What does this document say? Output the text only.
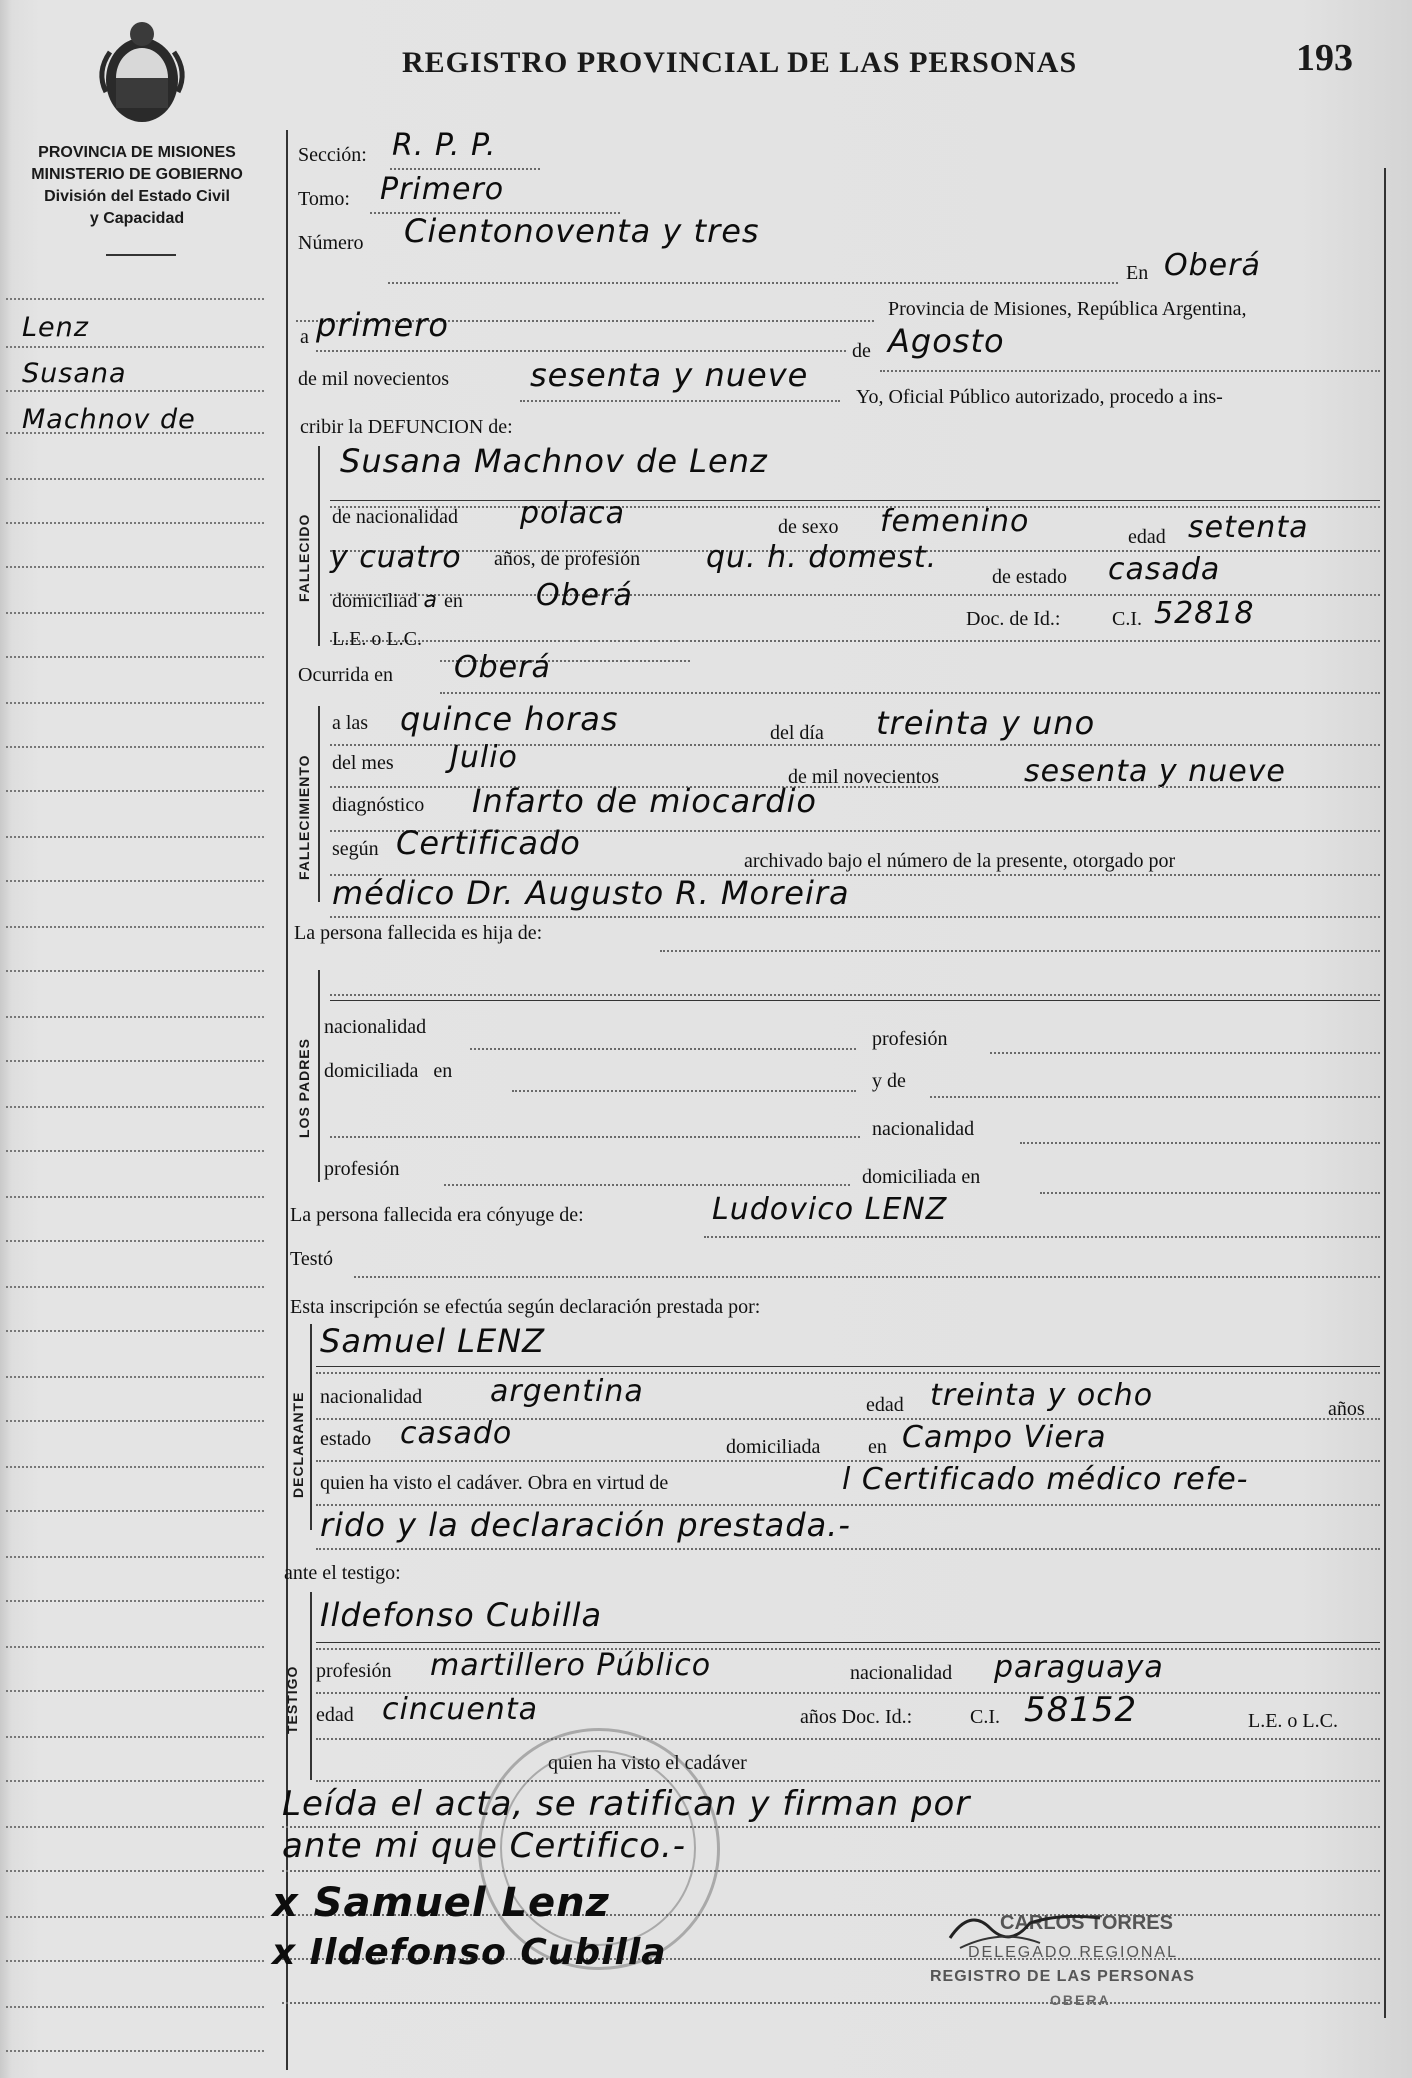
REGISTRO PROVINCIAL DE LAS PERSONAS	193
PROVINCIA DE MISIONES
MINISTERIO DE GOBIERNO
División del Estado Civil
y Capacidad
Lenz
Susana
Machnov de
Sección: R. P. P.
Tomo: Primero
Número Cientonoventa y tres
En Oberá
Provincia de Misiones, República Argentina,
a primero
de Agosto
de mil novecientos	sesenta y nueve
Yo, Oficial Público autorizado, procedo a ins-
cribir la DEFUNCION de:
FALLECIDO
Susana Machnov de Lenz
de nacionalidad polaca	de sexo femenino	edad setenta
y cuatro años, de profesión qu. h. domest.
de estado casada
domiciliad a en Oberá
Doc. de Id.:	C.I. 52818
L.E. o L.C.
Ocurrida en Oberá
FALLECIMIENTO
a las quince horas	del día treinta y uno
del mes Julio
de mil novecientos	sesenta y nueve
diagnóstico Infarto de miocardio
según Certificado	archivado bajo el número de la presente, otorgado por
médico Dr. Augusto R. Moreira
La persona fallecida es hija de:
LOS PADRES
nacionalidad
profesión
domiciliada en	y de
nacionalidad
profesión	domiciliada en
La persona fallecida era cónyuge de:	Ludovico LENZ
Testó
Esta inscripción se efectúa según declaración prestada por:
DECLARANTE
Samuel LENZ
nacionalidad argentina	edad treinta y ocho	años
estado casado	domiciliada en Campo Viera
quien ha visto el cadáver. Obra en virtud de	l Certificado médico refe-
rido y la declaración prestada.-
ante el testigo:
TESTIGO
Ildefonso Cubilla
profesión martillero Público	nacionalidad paraguaya
edad cincuenta	años Doc. Id.:	C.I. 58152	L.E. o L.C.
quien ha visto el cadáver
Leída el acta, se ratifican y firman por
ante mi que Certifico.-
x Samuel Lenz
x Ildefonso Cubilla
CARLOS TORRES
DELEGADO REGIONAL
REGISTRO DE LAS PERSONAS
OBERA
